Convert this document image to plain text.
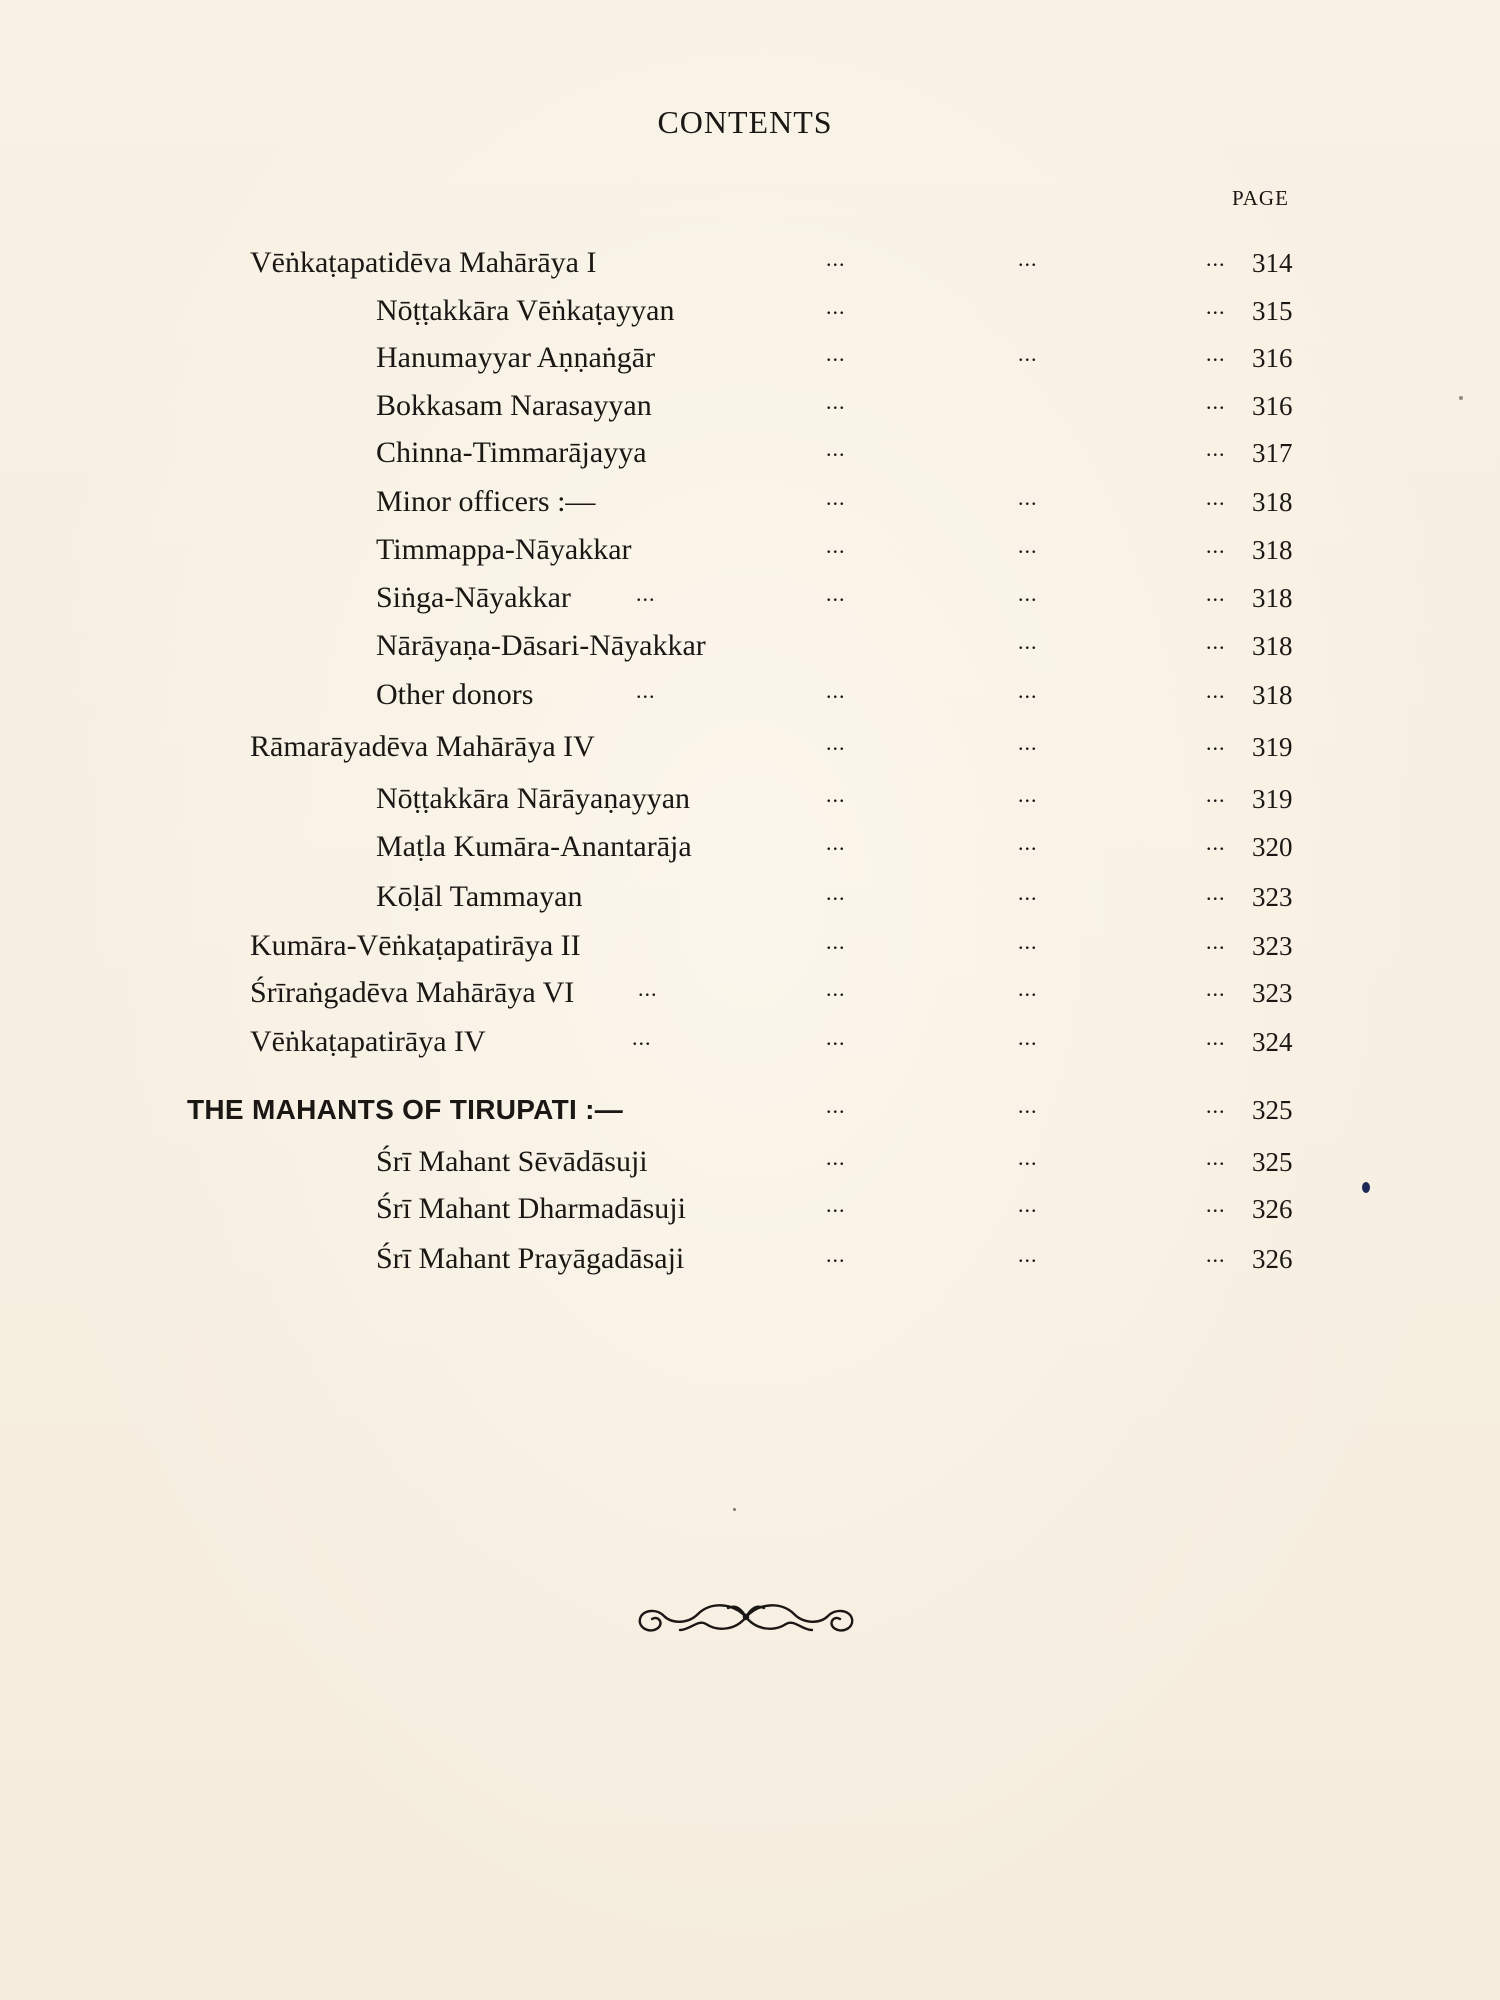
CONTENTS
PAGE
Vēṅkaṭapatidēva Mahārāya I	...	...	... 314
Nōṭṭakkāra Vēṅkaṭayyan	...	... 315
Hanumayyar Aṇṇaṅgār	...	...	... 316
Bokkasam Narasayyan	...	... 316
Chinna-Timmarājayya	...	... 317
Minor officers :—	...	...	... 318
Timmappa-Nāyakkar	...	...	... 318
Siṅga-Nāyakkar	...	...	...	... 318
Nārāyaṇa-Dāsari-Nāyakkar	...	... 318
Other donors	...	...	...	... 318
Rāmarāyadēva Mahārāya IV	...	...	... 319
Nōṭṭakkāra Nārāyaṇayyan	...	...	... 319
Maṭla Kumāra-Anantarāja	...	...	... 320
Kōḷāl Tammayan	...	...	... 323
Kumāra-Vēṅkaṭapatirāya II	...	...	... 323
Śrīraṅgadēva Mahārāya VI	...	...	...	... 323
Vēṅkaṭapatirāya IV	...	...	...	... 324
THE MAHANTS OF TIRUPATI :—	...	...	... 325
Śrī Mahant Sēvādāsuji	...	...	... 325
Śrī Mahant Dharmadāsuji	...	...	... 326
Śrī Mahant Prayāgadāsaji	...	...	... 326
